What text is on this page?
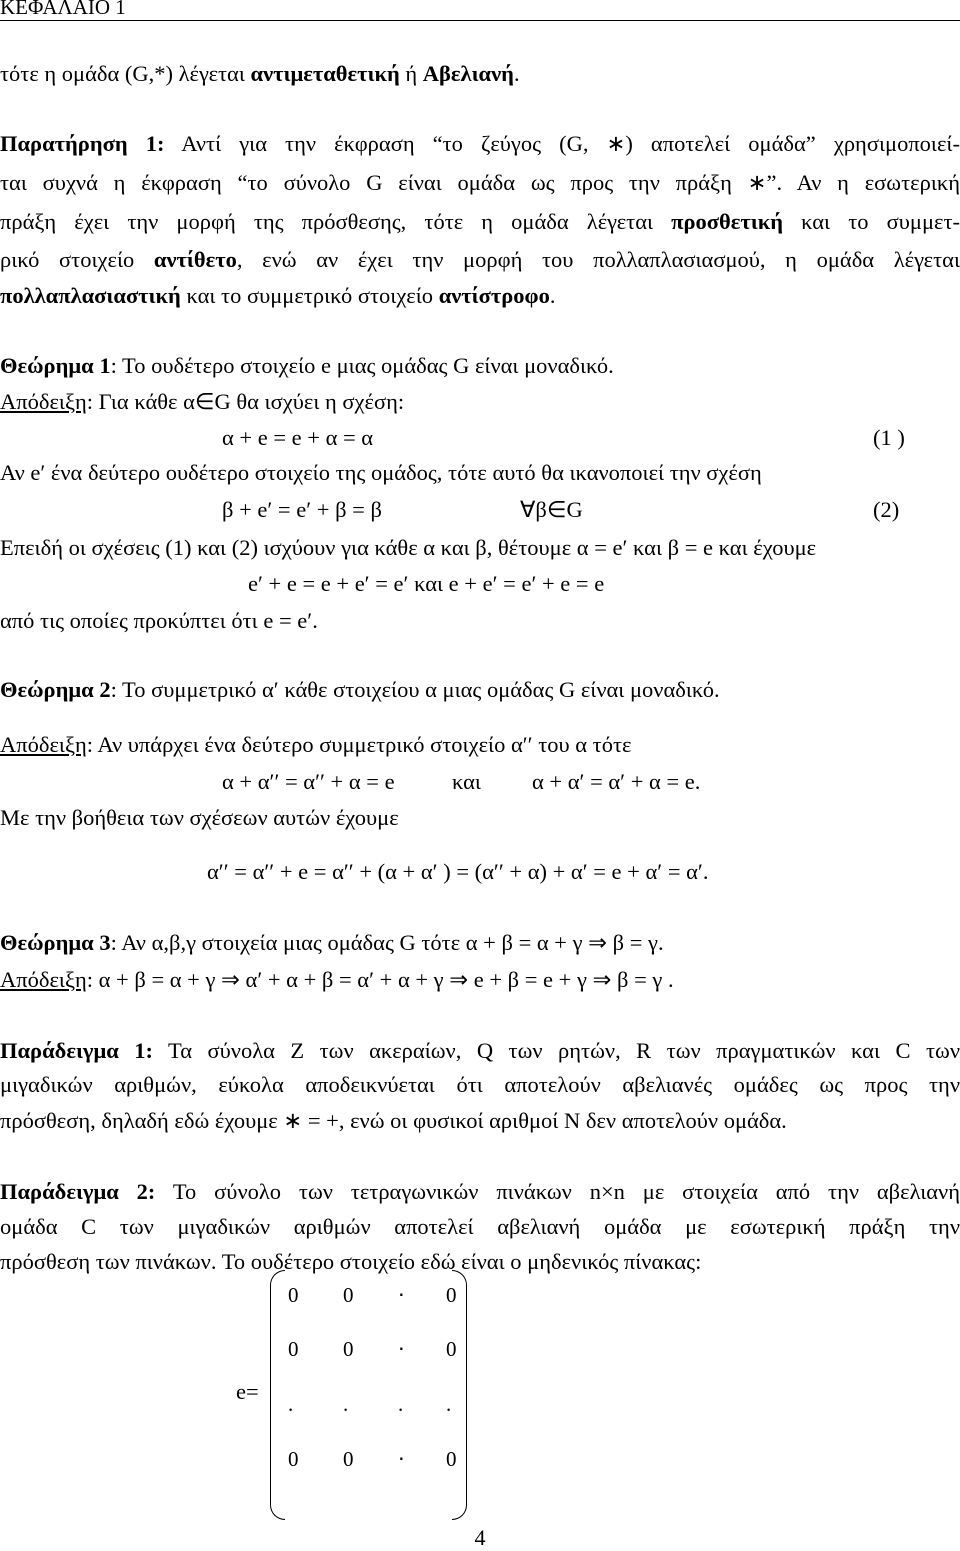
ΚΕΦΑΛΑΙΟ 1
τότε η ομάδα (G,*) λέγεται αντιμεταθετική ή Αβελιανή.
Παρατήρηση 1: Αντί για την έκφραση “το ζεύγος (G, ∗) αποτελεί ομάδα” χρησιμοποιεί-
ται συχνά η έκφραση “το σύνολο G είναι ομάδα ως προς την πράξη ∗”. Αν η εσωτερική
πράξη έχει την μορφή της πρόσθεσης, τότε η ομάδα λέγεται προσθετική και το συμμετ-
ρικό στοιχείο αντίθετο, ενώ αν έχει την μορφή του πολλαπλασιασμού, η ομάδα λέγεται
πολλαπλασιαστική και το συμμετρικό στοιχείο αντίστροφο.
Θεώρημα 1: Το ουδέτερο στοιχείο e μιας ομάδας G είναι μοναδικό.
Απόδειξη: Για κάθε α∈G θα ισχύει η σχέση:
α + e = e + α = α	(1 )
Αν e′ ένα δεύτερο ουδέτερο στοιχείο της ομάδος, τότε αυτό θα ικανοποιεί την σχέση
β + e′ = e′ + β = β	∀β∈G	(2)
Επειδή οι σχέσεις (1) και (2) ισχύουν για κάθε α και β, θέτουμε α = e′ και β = e και έχουμε
e′ + e = e + e′ = e′ και e + e′ = e′ + e = e
από τις οποίες προκύπτει ότι e = e′.
Θεώρημα 2: Το συμμετρικό α′ κάθε στοιχείου α μιας ομάδας G είναι μοναδικό.
Απόδειξη: Αν υπάρχει ένα δεύτερο συμμετρικό στοιχείο α′′ του α τότε
α + α′′ = α′′ + α = e	και α + α′ = α′ + α = e.
Με την βοήθεια των σχέσεων αυτών έχουμε
α′′ = α′′ + e = α′′ + (α + α′ ) = (α′′ + α) + α′ = e + α′ = α′.
Θεώρημα 3: Αν α,β,γ στοιχεία μιας ομάδας G τότε α + β = α + γ ⇒ β = γ.
Απόδειξη: α + β = α + γ ⇒ α′ + α + β = α′ + α + γ ⇒ e + β = e + γ ⇒ β = γ .
Παράδειγμα 1: Τα σύνολα Z των ακεραίων, Q των ρητών, R των πραγματικών και C των
μιγαδικών αριθμών, εύκολα αποδεικνύεται ότι αποτελούν αβελιανές ομάδες ως προς την
πρόσθεση, δηλαδή εδώ έχουμε ∗ = +, ενώ οι φυσικοί αριθμοί N δεν αποτελούν ομάδα.
Παράδειγμα 2: Το σύνολο των τετραγωνικών πινάκων n×n με στοιχεία από την αβελιανή
ομάδα C των μιγαδικών αριθμών αποτελεί αβελιανή ομάδα με εσωτερική πράξη την
πρόσθεση των πινάκων. Το ουδέτερο στοιχείο εδώ είναι ο μηδενικός πίνακας:
e=
0 0 ⋅ 0
0 0 ⋅ 0
. . . .
0 0 ⋅ 0
4
